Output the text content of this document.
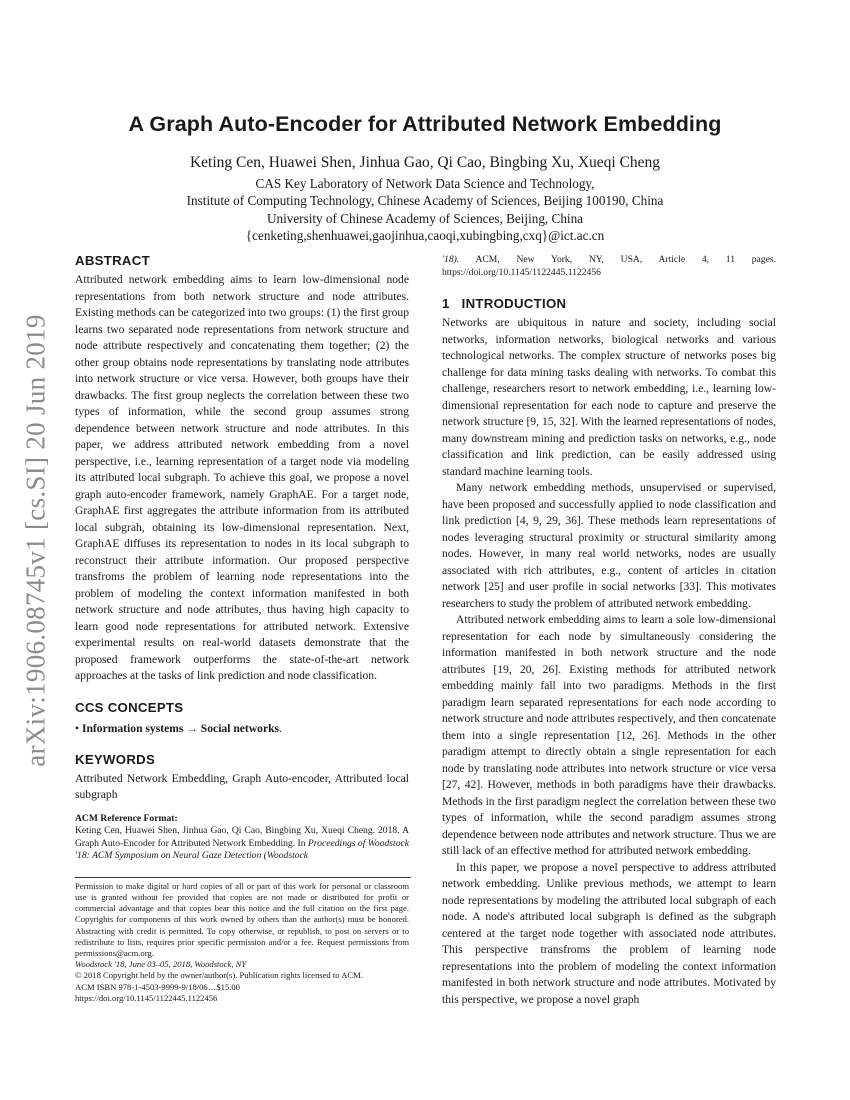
arXiv:1906.08745v1 [cs.SI] 20 Jun 2019
A Graph Auto-Encoder for Attributed Network Embedding
Keting Cen, Huawei Shen, Jinhua Gao, Qi Cao, Bingbing Xu, Xueqi Cheng
CAS Key Laboratory of Network Data Science and Technology,
Institute of Computing Technology, Chinese Academy of Sciences, Beijing 100190, China
University of Chinese Academy of Sciences, Beijing, China
{cenketing,shenhuawei,gaojinhua,caoqi,xubingbing,cxq}@ict.ac.cn
ABSTRACT

Attributed network embedding aims to learn low-dimensional node representations from both network structure and node attributes. Existing methods can be categorized into two groups: (1) the first group learns two separated node representations from network structure and node attribute respectively and concatenating them together; (2) the other group obtains node representations by translating node attributes into network structure or vice versa. However, both groups have their drawbacks. The first group neglects the correlation between these two types of information, while the second group assumes strong dependence between network structure and node attributes. In this paper, we address attributed network embedding from a novel perspective, i.e., learning representation of a target node via modeling its attributed local subgraph. To achieve this goal, we propose a novel graph auto-encoder framework, namely GraphAE. For a target node, GraphAE first aggregates the attribute information from its attributed local subgrah, obtaining its low-dimensional representation. Next, GraphAE diffuses its representation to nodes in its local subgraph to reconstruct their attribute information. Our proposed perspective transfroms the problem of learning node representations into the problem of modeling the context information manifested in both network structure and node attributes, thus having high capacity to learn good node representations for attributed network. Extensive experimental results on real-world datasets demonstrate that the proposed framework outperforms the state-of-the-art network approaches at the tasks of link prediction and node classification.

CCS CONCEPTS

• Information systems → Social networks.

KEYWORDS

Attributed Network Embedding, Graph Auto-encoder, Attributed local subgraph

ACM Reference Format:

Keting Cen, Huawei Shen, Jinhua Gao, Qi Cao, Bingbing Xu, Xueqi Cheng. 2018. A Graph Auto-Encoder for Attributed Network Embedding. In Proceedings of Woodstock '18: ACM Symposium on Neural Gaze Detection (Woodstock

Permission to make digital or hard copies of all or part of this work for personal or classroom use is granted without fee provided that copies are not made or distributed for profit or commercial advantage and that copies bear this notice and the full citation on the first page. Copyrights for components of this work owned by others than the author(s) must be honored. Abstracting with credit is permitted. To copy otherwise, or republish, to post on servers or to redistribute to lists, requires prior specific permission and/or a fee. Request permissions from permissions@acm.org.

Woodstock '18, June 03–05, 2018, Woodstock, NY

© 2018 Copyright held by the owner/author(s). Publication rights licensed to ACM.

ACM ISBN 978-1-4503-9999-9/18/06…$15.00

https://doi.org/10.1145/1122445.1122456

'18). ACM, New York, NY, USA, Article 4, 11 pages. https://doi.org/10.1145/1122445.1122456

1 INTRODUCTION

Networks are ubiquitous in nature and society, including social networks, information networks, biological networks and various technological networks. The complex structure of networks poses big challenge for data mining tasks dealing with networks. To combat this challenge, researchers resort to network embedding, i.e., learning low-dimensional representation for each node to capture and preserve the network structure [9, 15, 32]. With the learned representations of nodes, many downstream mining and prediction tasks on networks, e.g., node classification and link prediction, can be easily addressed using standard machine learning tools.

Many network embedding methods, unsupervised or supervised, have been proposed and successfully applied to node classification and link prediction [4, 9, 29, 36]. These methods learn representations of nodes leveraging structural proximity or structural similarity among nodes. However, in many real world networks, nodes are usually associated with rich attributes, e.g., content of articles in citation network [25] and user profile in social networks [33]. This motivates researchers to study the problem of attributed network embedding.

Attributed network embedding aims to learn a sole low-dimensional representation for each node by simultaneously considering the information manifested in both network structure and the node attributes [19, 20, 26]. Existing methods for attributed network embedding mainly fall into two paradigms. Methods in the first paradigm learn separated representations for each node according to network structure and node attributes respectively, and then concatenate them into a single representation [12, 26]. Methods in the other paradigm attempt to directly obtain a single representation for each node by translating node attributes into network structure or vice versa [27, 42]. However, methods in both paradigms have their drawbacks. Methods in the first paradigm neglect the correlation between these two types of information, while the second paradigm assumes strong dependence between node attributes and network structure. Thus we are still lack of an effective method for attributed network embedding.

In this paper, we propose a novel perspective to address attributed network embedding. Unlike previous methods, we attempt to learn node representations by modeling the attributed local subgraph of each node. A node's attributed local subgraph is defined as the subgraph centered at the target node together with associated node attributes. This perspective transfroms the problem of learning node representations into the problem of modeling the context information manifested in both network structure and node attributes. Motivated by this perspective, we propose a novel graph
